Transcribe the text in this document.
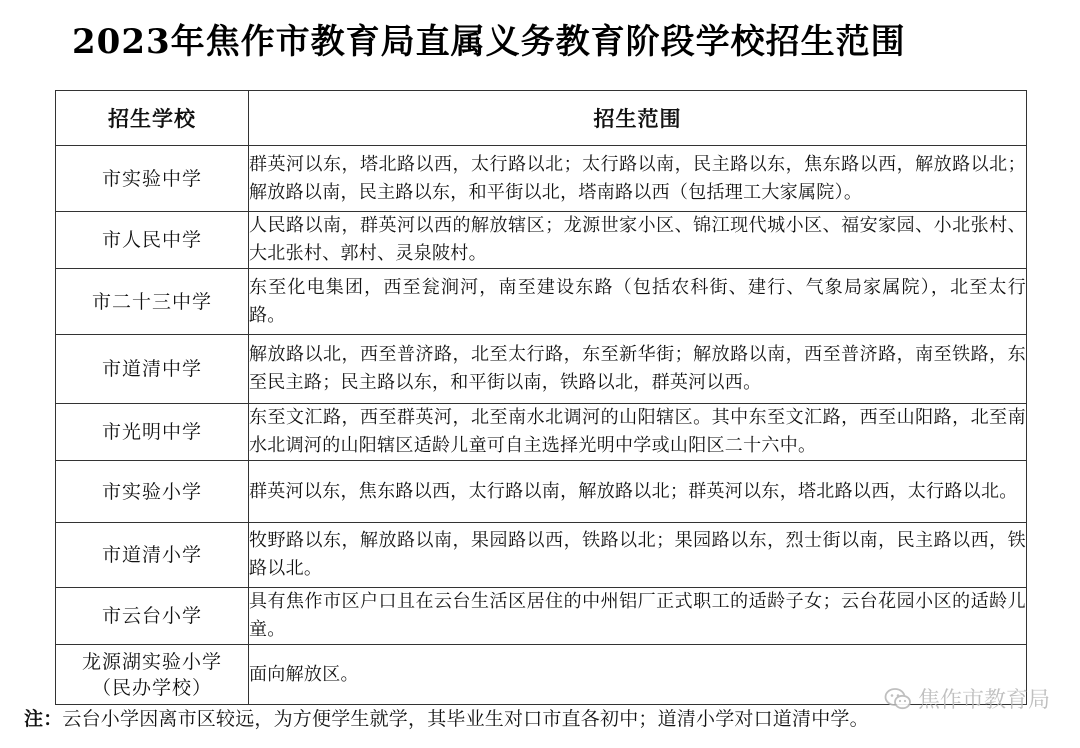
2023年焦作市教育局直属义务教育阶段学校招生范围
招生学校	招生范围
市实验中学	群英河以东，塔北路以西，太行路以北；太行路以南，民主路以东，焦东路以西，解放路以北；解放路以南，民主路以东，和平街以北，塔南路以西（包括理工大家属院）。
市人民中学	人民路以南，群英河以西的解放辖区；龙源世家小区、锦江现代城小区、福安家园、小北张村、大北张村、郭村、灵泉陂村。
市二十三中学	东至化电集团，西至瓮涧河，南至建设东路（包括农科街、建行、气象局家属院），北至太行路。
市道清中学	解放路以北，西至普济路，北至太行路，东至新华街；解放路以南，西至普济路，南至铁路，东至民主路；民主路以东，和平街以南，铁路以北，群英河以西。
市光明中学	东至文汇路，西至群英河，北至南水北调河的山阳辖区。其中东至文汇路，西至山阳路，北至南水北调河的山阳辖区适龄儿童可自主选择光明中学或山阳区二十六中。
市实验小学	群英河以东，焦东路以西，太行路以南，解放路以北；群英河以东，塔北路以西，太行路以北。
市道清小学	牧野路以东，解放路以南，果园路以西，铁路以北；果园路以东，烈士街以南，民主路以西，铁路以北。
市云台小学	具有焦作市区户口且在云台生活区居住的中州铝厂正式职工的适龄子女；云台花园小区的适龄儿童。

龙源湖实验小学
（民办学校）	面向解放区。
注：云台小学因离市区较远，为方便学生就学，其毕业生对口市直各初中；道清小学对口道清中学。
焦作市教育局
